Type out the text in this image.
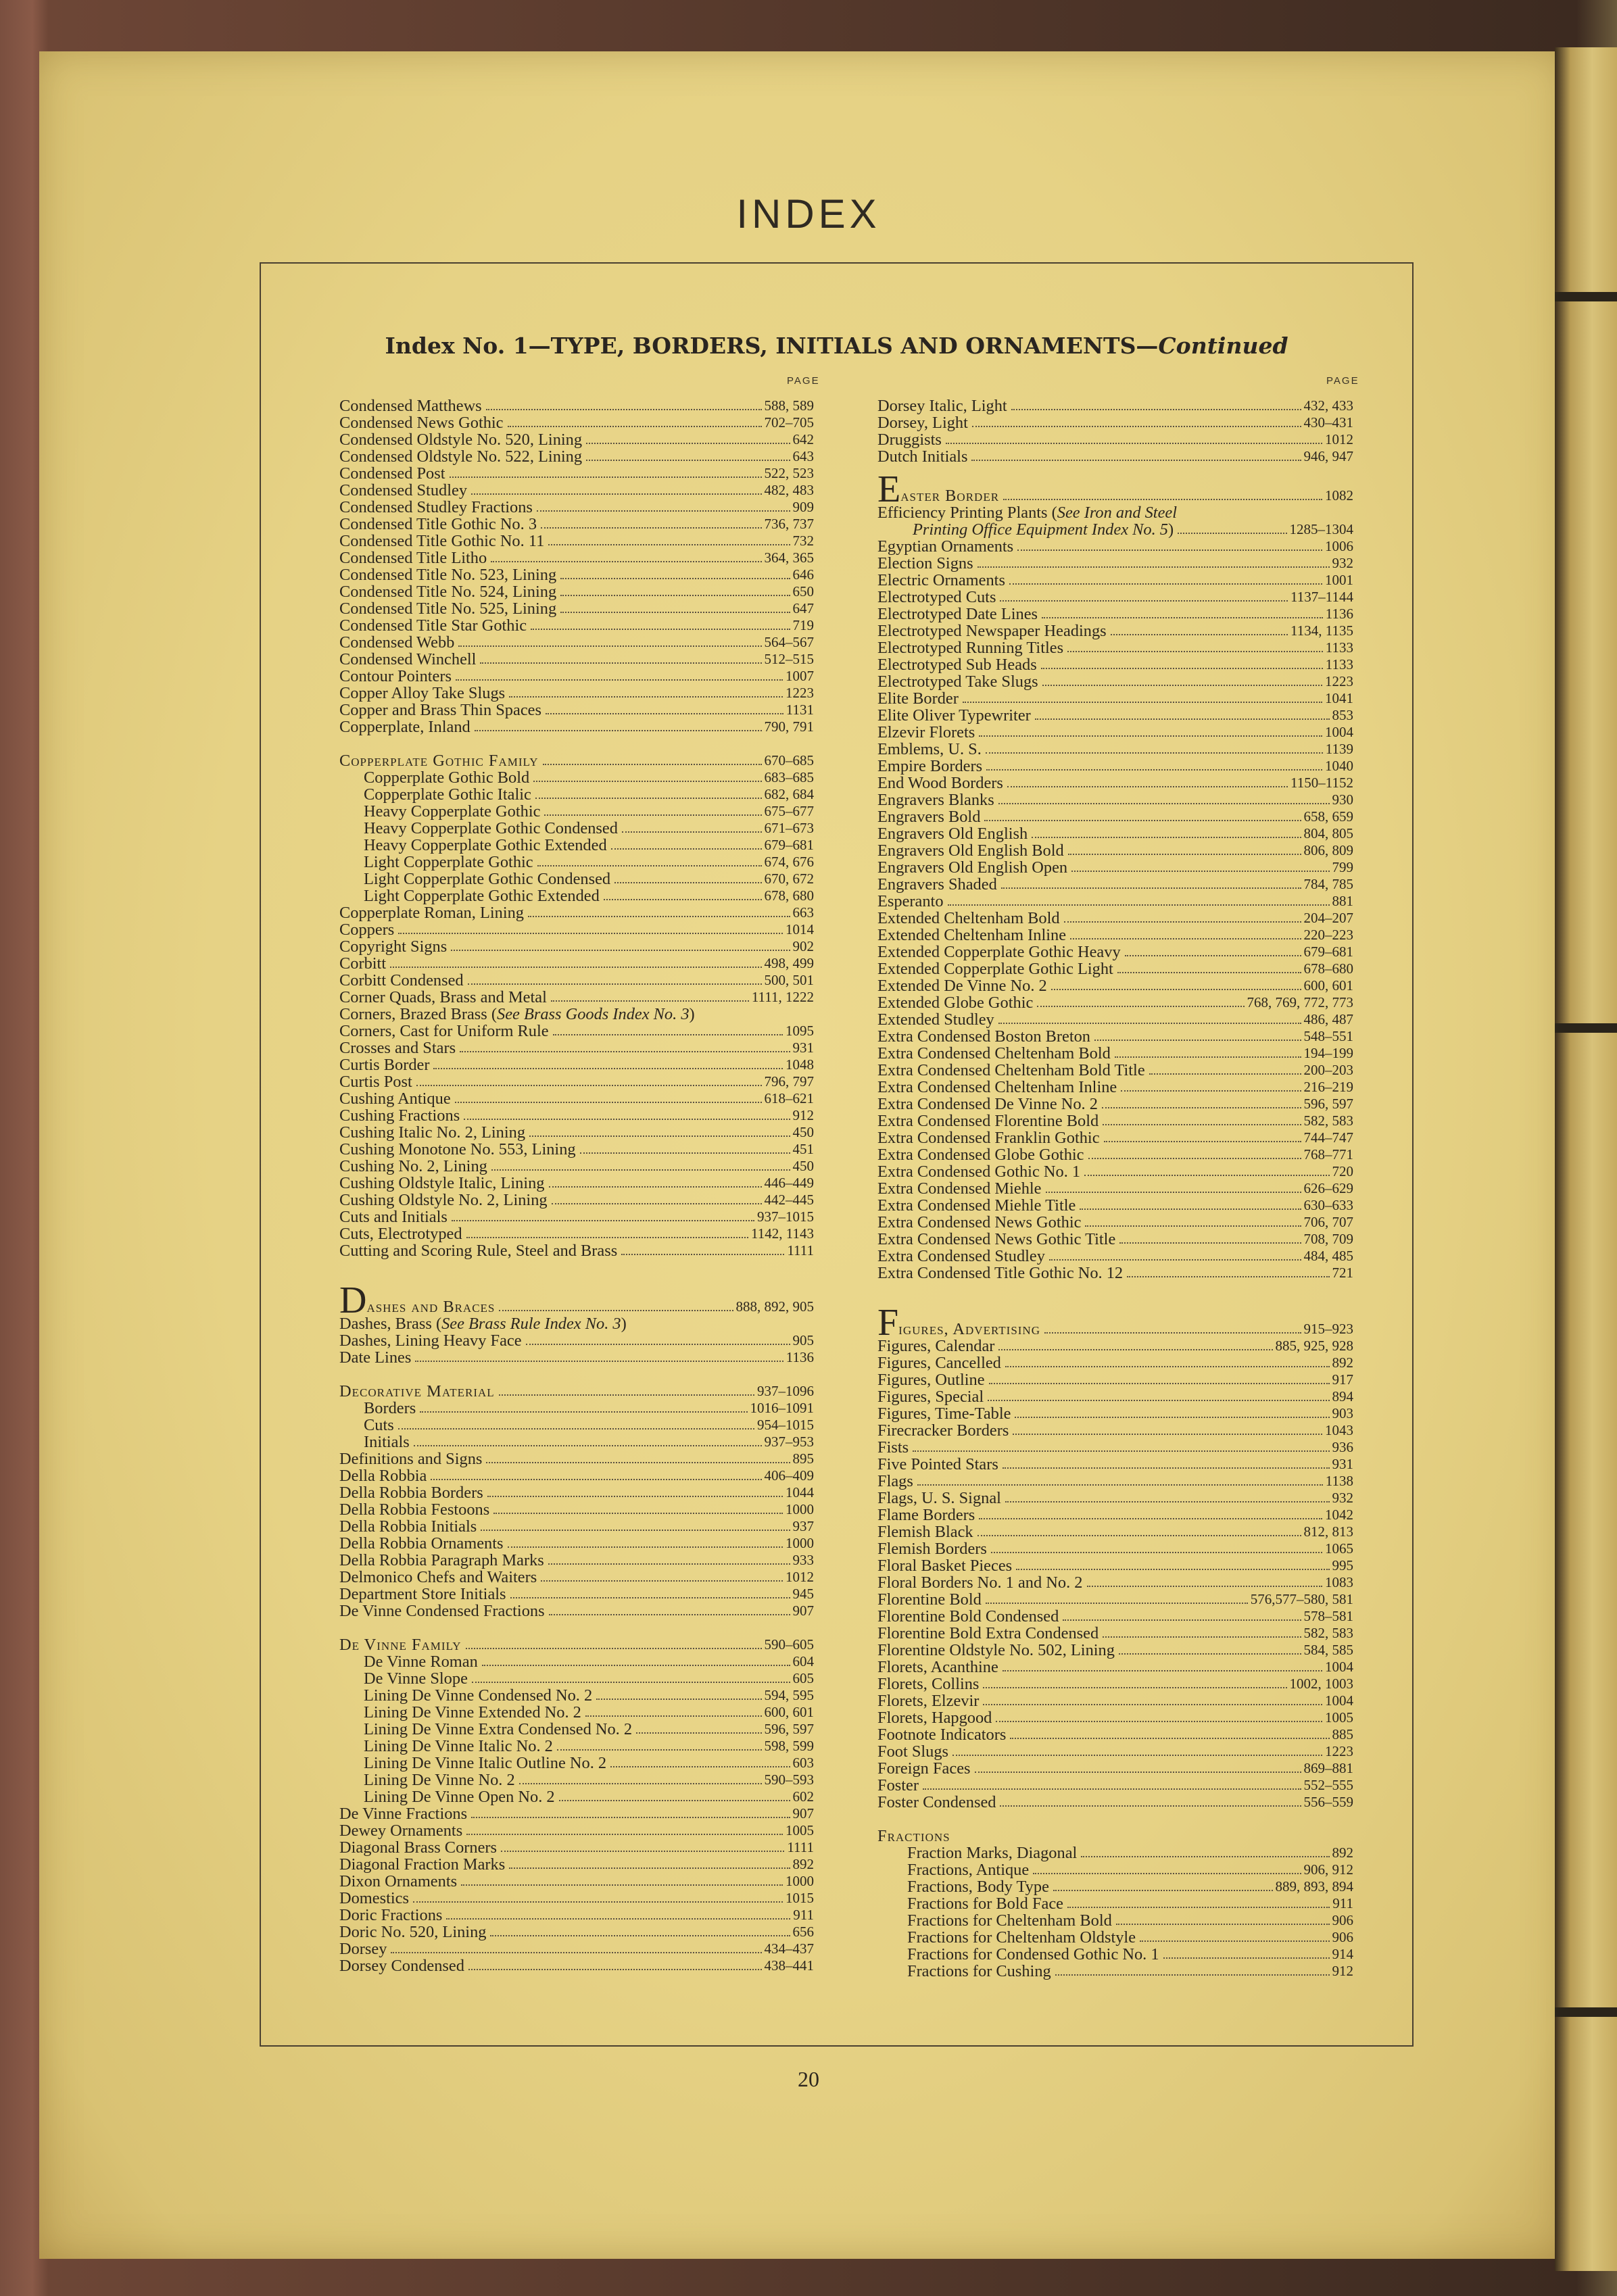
INDEX
Index No. 1—TYPE, BORDERS, INITIALS AND ORNAMENTS—Continued
PAGE	PAGE
Condensed Matthews	588, 589
Condensed News Gothic	702–705
Condensed Oldstyle No. 520, Lining	642
Condensed Oldstyle No. 522, Lining	643
Condensed Post	522, 523
Condensed Studley	482, 483
Condensed Studley Fractions	909
Condensed Title Gothic No. 3	736, 737
Condensed Title Gothic No. 11	732
Condensed Title Litho	364, 365
Condensed Title No. 523, Lining	646
Condensed Title No. 524, Lining	650
Condensed Title No. 525, Lining	647
Condensed Title Star Gothic	719
Condensed Webb	564–567
Condensed Winchell	512–515
Contour Pointers	1007
Copper Alloy Take Slugs	1223
Copper and Brass Thin Spaces	1131
Copperplate, Inland	790, 791
Copperplate Gothic Family	670–685
Copperplate Gothic Bold	683–685
Copperplate Gothic Italic	682, 684
Heavy Copperplate Gothic	675–677
Heavy Copperplate Gothic Condensed	671–673
Heavy Copperplate Gothic Extended	679–681
Light Copperplate Gothic	674, 676
Light Copperplate Gothic Condensed	670, 672
Light Copperplate Gothic Extended	678, 680
Copperplate Roman, Lining	663
Coppers	1014
Copyright Signs	902
Corbitt	498, 499
Corbitt Condensed	500, 501
Corner Quads, Brass and Metal	1111, 1222
Corners, Brazed Brass (See Brass Goods Index No. 3)
Corners, Cast for Uniform Rule	1095
Crosses and Stars	931
Curtis Border	1048
Curtis Post	796, 797
Cushing Antique	618–621
Cushing Fractions	912
Cushing Italic No. 2, Lining	450
Cushing Monotone No. 553, Lining	451
Cushing No. 2, Lining	450
Cushing Oldstyle Italic, Lining	446–449
Cushing Oldstyle No. 2, Lining	442–445
Cuts and Initials	937–1015
Cuts, Electrotyped	1142, 1143
Cutting and Scoring Rule, Steel and Brass	1111
D ashes and Braces	888, 892, 905
Dashes, Brass (See Brass Rule Index No. 3)
Dashes, Lining Heavy Face	905
Date Lines	1136
Decorative Material	937–1096
Borders	1016–1091
Cuts	954–1015
Initials	937–953
Definitions and Signs	895
Della Robbia	406–409
Della Robbia Borders	1044
Della Robbia Festoons	1000
Della Robbia Initials	937
Della Robbia Ornaments	1000
Della Robbia Paragraph Marks	933
Delmonico Chefs and Waiters	1012
Department Store Initials	945
De Vinne Condensed Fractions	907
De Vinne Family	590–605
De Vinne Roman	604
De Vinne Slope	605
Lining De Vinne Condensed No. 2	594, 595
Lining De Vinne Extended No. 2	600, 601
Lining De Vinne Extra Condensed No. 2	596, 597
Lining De Vinne Italic No. 2	598, 599
Lining De Vinne Italic Outline No. 2	603
Lining De Vinne No. 2	590–593
Lining De Vinne Open No. 2	602
De Vinne Fractions	907
Dewey Ornaments	1005
Diagonal Brass Corners	1111
Diagonal Fraction Marks	892
Dixon Ornaments	1000
Domestics	1015
Doric Fractions	911
Doric No. 520, Lining	656
Dorsey	434–437
Dorsey Condensed	438–441
Dorsey Italic, Light	432, 433
Dorsey, Light	430–431
Druggists	1012
Dutch Initials	946, 947
E aster Border	1082
Efficiency Printing Plants (See Iron and Steel
Printing Office Equipment Index No. 5)	1285–1304
Egyptian Ornaments	1006
Election Signs	932
Electric Ornaments	1001
Electrotyped Cuts	1137–1144
Electrotyped Date Lines	1136
Electrotyped Newspaper Headings	1134, 1135
Electrotyped Running Titles	1133
Electrotyped Sub Heads	1133
Electrotyped Take Slugs	1223
Elite Border	1041
Elite Oliver Typewriter	853
Elzevir Florets	1004
Emblems, U. S.	1139
Empire Borders	1040
End Wood Borders	1150–1152
Engravers Blanks	930
Engravers Bold	658, 659
Engravers Old English	804, 805
Engravers Old English Bold	806, 809
Engravers Old English Open	799
Engravers Shaded	784, 785
Esperanto	881
Extended Cheltenham Bold	204–207
Extended Cheltenham Inline	220–223
Extended Copperplate Gothic Heavy	679–681
Extended Copperplate Gothic Light	678–680
Extended De Vinne No. 2	600, 601
Extended Globe Gothic	768, 769, 772, 773
Extended Studley	486, 487
Extra Condensed Boston Breton	548–551
Extra Condensed Cheltenham Bold	194–199
Extra Condensed Cheltenham Bold Title	200–203
Extra Condensed Cheltenham Inline	216–219
Extra Condensed De Vinne No. 2	596, 597
Extra Condensed Florentine Bold	582, 583
Extra Condensed Franklin Gothic	744–747
Extra Condensed Globe Gothic	768–771
Extra Condensed Gothic No. 1	720
Extra Condensed Miehle	626–629
Extra Condensed Miehle Title	630–633
Extra Condensed News Gothic	706, 707
Extra Condensed News Gothic Title	708, 709
Extra Condensed Studley	484, 485
Extra Condensed Title Gothic No. 12	721
F igures, Advertising	915–923
Figures, Calendar	885, 925, 928
Figures, Cancelled	892
Figures, Outline	917
Figures, Special	894
Figures, Time-Table	903
Firecracker Borders	1043
Fists	936
Five Pointed Stars	931
Flags	1138
Flags, U. S. Signal	932
Flame Borders	1042
Flemish Black	812, 813
Flemish Borders	1065
Floral Basket Pieces	995
Floral Borders No. 1 and No. 2	1083
Florentine Bold	576,577–580, 581
Florentine Bold Condensed	578–581
Florentine Bold Extra Condensed	582, 583
Florentine Oldstyle No. 502, Lining	584, 585
Florets, Acanthine	1004
Florets, Collins	1002, 1003
Florets, Elzevir	1004
Florets, Hapgood	1005
Footnote Indicators	885
Foot Slugs	1223
Foreign Faces	869–881
Foster	552–555
Foster Condensed	556–559
Fractions
Fraction Marks, Diagonal	892
Fractions, Antique	906, 912
Fractions, Body Type	889, 893, 894
Fractions for Bold Face	911
Fractions for Cheltenham Bold	906
Fractions for Cheltenham Oldstyle	906
Fractions for Condensed Gothic No. 1	914
Fractions for Cushing	912
20
